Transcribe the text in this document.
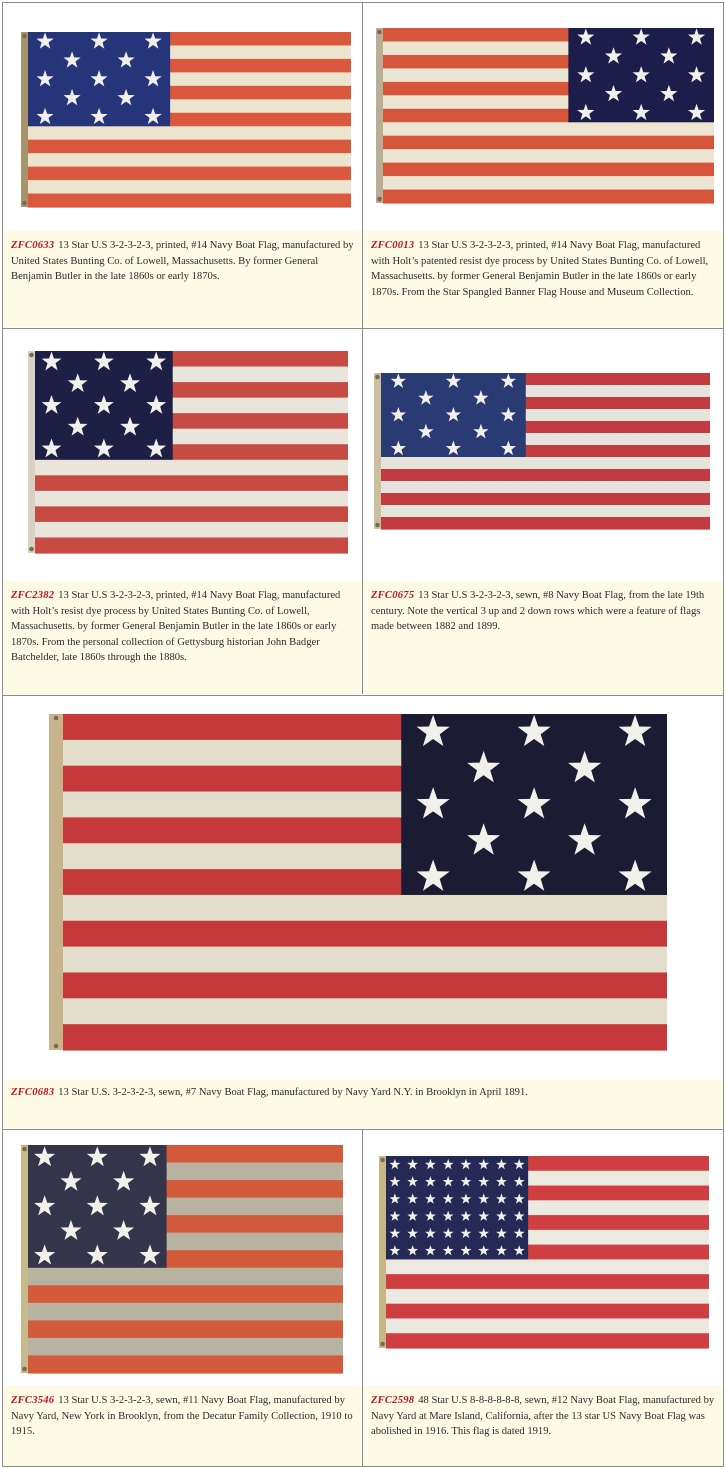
ZFC0633 13 Star U.S 3-2-3-2-3, printed, #14 Navy Boat Flag, manufactured by United States Bunting Co. of Lowell, Massachusetts. By former General Benjamin Butler in the late 1860s or early 1870s.
ZFC0013 13 Star U.S 3-2-3-2-3, printed, #14 Navy Boat Flag, manufactured with Holt’s patented resist dye process by United States Bunting Co. of Lowell, Massachusetts. by former General Benjamin Butler in the late 1860s or early 1870s. From the Star Spangled Banner Flag House and Museum Collection.
ZFC2382 13 Star U.S 3-2-3-2-3, printed, #14 Navy Boat Flag, manufactured with Holt’s resist dye process by United States Bunting Co. of Lowell, Massachusetts. by former General Benjamin Butler in the late 1860s or early 1870s. From the personal collection of Gettysburg historian John Badger Batchelder, late 1860s through the 1880s.
ZFC0675 13 Star U.S 3-2-3-2-3, sewn, #8 Navy Boat Flag, from the late 19th century. Note the vertical 3 up and 2 down rows which were a feature of flags made between 1882 and 1899.
ZFC0683 13 Star U.S. 3-2-3-2-3, sewn, #7 Navy Boat Flag, manufactured by Navy Yard N.Y. in Brooklyn in April 1891.
ZFC3546 13 Star U.S 3-2-3-2-3, sewn, #11 Navy Boat Flag, manufactured by Navy Yard, New York in Brooklyn, from the Decatur Family Collection, 1910 to 1915.
ZFC2598 48 Star U.S 8-8-8-8-8-8, sewn, #12 Navy Boat Flag, manufactured by Navy Yard at Mare Island, California, after the 13 star US Navy Boat Flag was abolished in 1916. This flag is dated 1919.
